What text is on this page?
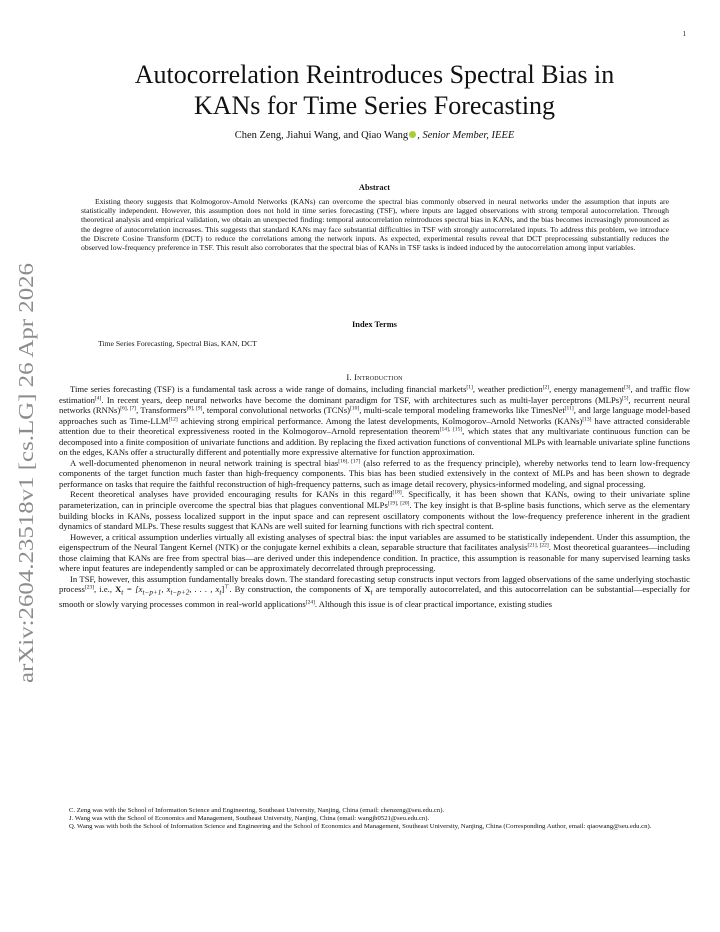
1
arXiv:2604.23518v1 [cs.LG] 26 Apr 2026
Autocorrelation Reintroduces Spectral Bias in
KANs for Time Series Forecasting
Chen Zeng, Jiahui Wang, and Qiao Wang , Senior Member, IEEE
Abstract

Existing theory suggests that Kolmogorov-Arnold Networks (KANs) can overcome the spectral bias commonly observed in neural networks under the assumption that inputs are statistically independent. However, this assumption does not hold in time series forecasting (TSF), where inputs are lagged observations with strong temporal autocorrelation. Through theoretical analysis and empirical validation, we obtain an unexpected finding: temporal autocorrelation reintroduces spectral bias in KANs, and the bias becomes increasingly pronounced as the degree of autocorrelation increases. This suggests that standard KANs may face substantial difficulties in TSF with strongly autocorrelated inputs. To address this problem, we introduce the Discrete Cosine Transform (DCT) to reduce the correlations among the network inputs. As expected, experimental results reveal that DCT preprocessing substantially reduces the observed low-frequency preference in TSF. This result also corroborates that the spectral bias of KANs in TSF tasks is indeed induced by the autocorrelation among input variables.

Index Terms
Time Series Forecasting, Spectral Bias, KAN, DCT
I. Introduction

Time series forecasting (TSF) is a fundamental task across a wide range of domains, including financial markets[1], weather prediction[2], energy management[3], and traffic flow estimation[4]. In recent years, deep neural networks have become the dominant paradigm for TSF, with architectures such as multi-layer perceptrons (MLPs)[5], recurrent neural networks (RNNs)[6], [7], Transformers[8], [9], temporal convolutional networks (TCNs)[10], multi-scale temporal modeling frameworks like TimesNet[11], and large language model-based approaches such as Time-LLM[12] achieving strong empirical performance. Among the latest developments, Kolmogorov–Arnold Networks (KANs)[13] have attracted considerable attention due to their theoretical expressiveness rooted in the Kolmogorov–Arnold representation theorem[14], [15], which states that any multivariate continuous function can be decomposed into a finite composition of univariate functions and addition. By replacing the fixed activation functions of conventional MLPs with learnable univariate spline functions on the edges, KANs offer a structurally different and potentially more expressive alternative for function approximation.

A well-documented phenomenon in neural network training is spectral bias[16], [17] (also referred to as the frequency principle), whereby networks tend to learn low-frequency components of the target function much faster than high-frequency components. This bias has been studied extensively in the context of MLPs and has been shown to degrade performance on tasks that require the faithful reconstruction of high-frequency patterns, such as image detail recovery, physics-informed modeling, and signal processing.

Recent theoretical analyses have provided encouraging results for KANs in this regard[18]. Specifically, it has been shown that KANs, owing to their univariate spline parameterization, can in principle overcome the spectral bias that plagues conventional MLPs[19], [20]. The key insight is that B-spline basis functions, which serve as the elementary building blocks in KANs, possess localized support in the input space and can represent oscillatory components without the low-frequency preference inherent in the gradient dynamics of standard MLPs. These results suggest that KANs are well suited for learning functions with rich spectral content.

However, a critical assumption underlies virtually all existing analyses of spectral bias: the input variables are assumed to be statistically independent. Under this assumption, the eigenspectrum of the Neural Tangent Kernel (NTK) or the conjugate kernel exhibits a clean, separable structure that facilitates analysis[21], [22]. Most theoretical guarantees—including those claiming that KANs are free from spectral bias—are derived under this independence condition. In practice, this assumption is reasonable for many supervised learning tasks where input features are independently sampled or can be approximately decorrelated through preprocessing.

In TSF, however, this assumption fundamentally breaks down. The standard forecasting setup constructs input vectors from lagged observations of the same underlying stochastic process[23], i.e., $X_t = [x_{t-p+1}$, $x_{t-p+2}$, . . . , $x_t]^⊤$. By construction, the components of $X_t$ are temporally autocorrelated, and this autocorrelation can be substantial—especially for smooth or slowly varying processes common in real-world applications[24]. Although this issue is of clear practical importance, existing studies

C. Zeng was with the School of Information Science and Engineering, Southeast University, Nanjing, China (email: chenzeng@seu.edu.cn).

J. Wang was with the School of Economics and Management, Southeast University, Nanjing, China (email: wangjh0521@seu.edu.cn).

Q. Wang was with both the School of Information Science and Engineering and the School of Economics and Management, Southeast University, Nanjing, China (Corresponding Author, email: qiaowang@seu.edu.cn).
